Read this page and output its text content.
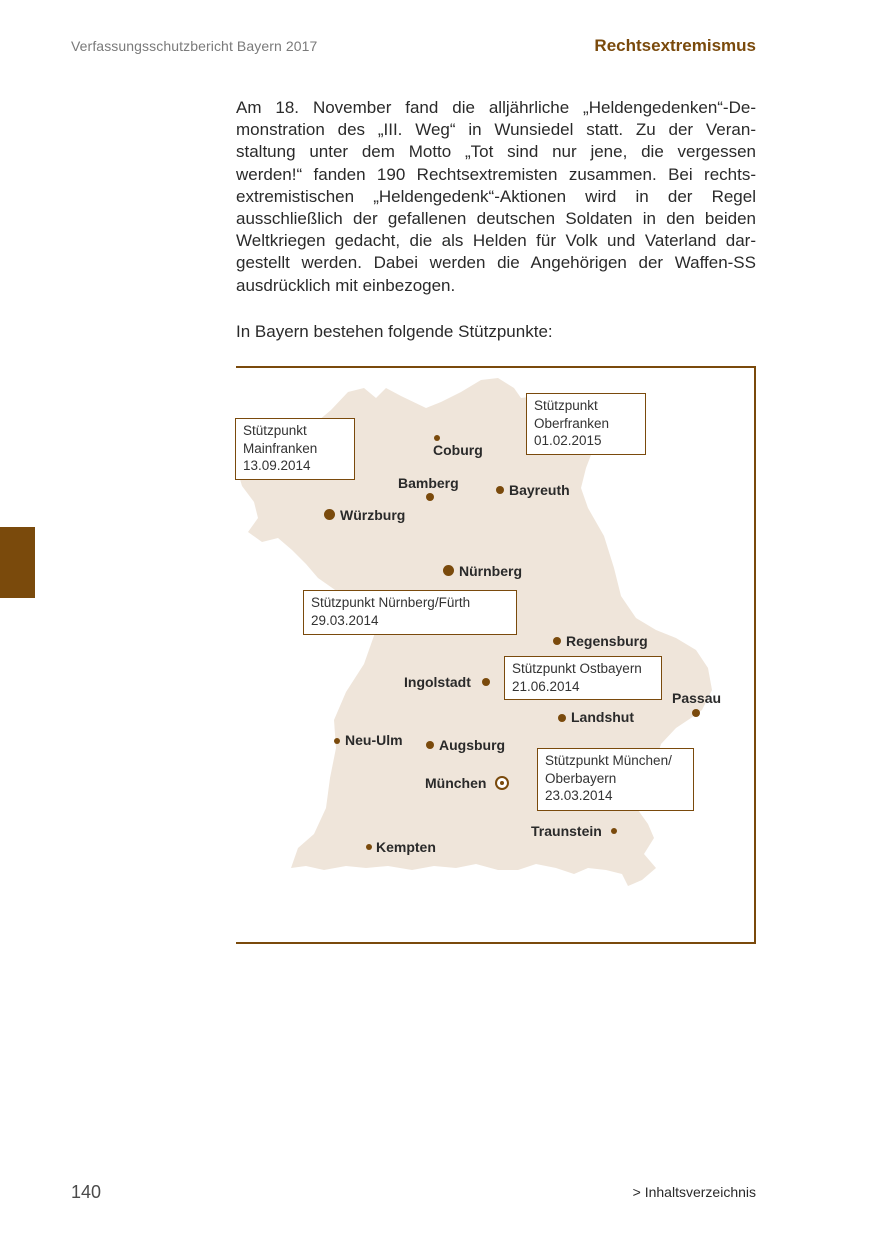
Verfassungsschutzbericht Bayern 2017	Rechtsextremismus
Am 18. November fand die alljährliche „Heldengedenken“-De-
monstration des „III. Weg“ in Wunsiedel statt. Zu der Veran-
staltung unter dem Motto „Tot sind nur jene, die vergessen
werden!“ fanden 190 Rechtsextremisten zusammen. Bei rechts-
extremistischen „Heldengedenk“-Aktionen wird in der Regel
ausschließlich der gefallenen deutschen Soldaten in den beiden
Weltkriegen gedacht, die als Helden für Volk und Vaterland dar-
gestellt werden. Dabei werden die Angehörigen der Waffen-SS
ausdrücklich mit einbezogen.

In Bayern bestehen folgende Stützpunkte:

Coburg
Bamberg	Bayreuth
Würzburg
Nürnberg
Regensburg
Ingolstadt
Passau
Landshut
Neu-Ulm	Augsburg
München
Traunstein
Kempten
Stützpunkt
Mainfranken
13.09.2014
Stützpunkt
Oberfranken
01.02.2015
Stützpunkt Nürnberg/Fürth
29.03.2014
Stützpunkt Ostbayern
21.06.2014
Stützpunkt München/
Oberbayern
23.03.2014
140	> Inhaltsverzeichnis
